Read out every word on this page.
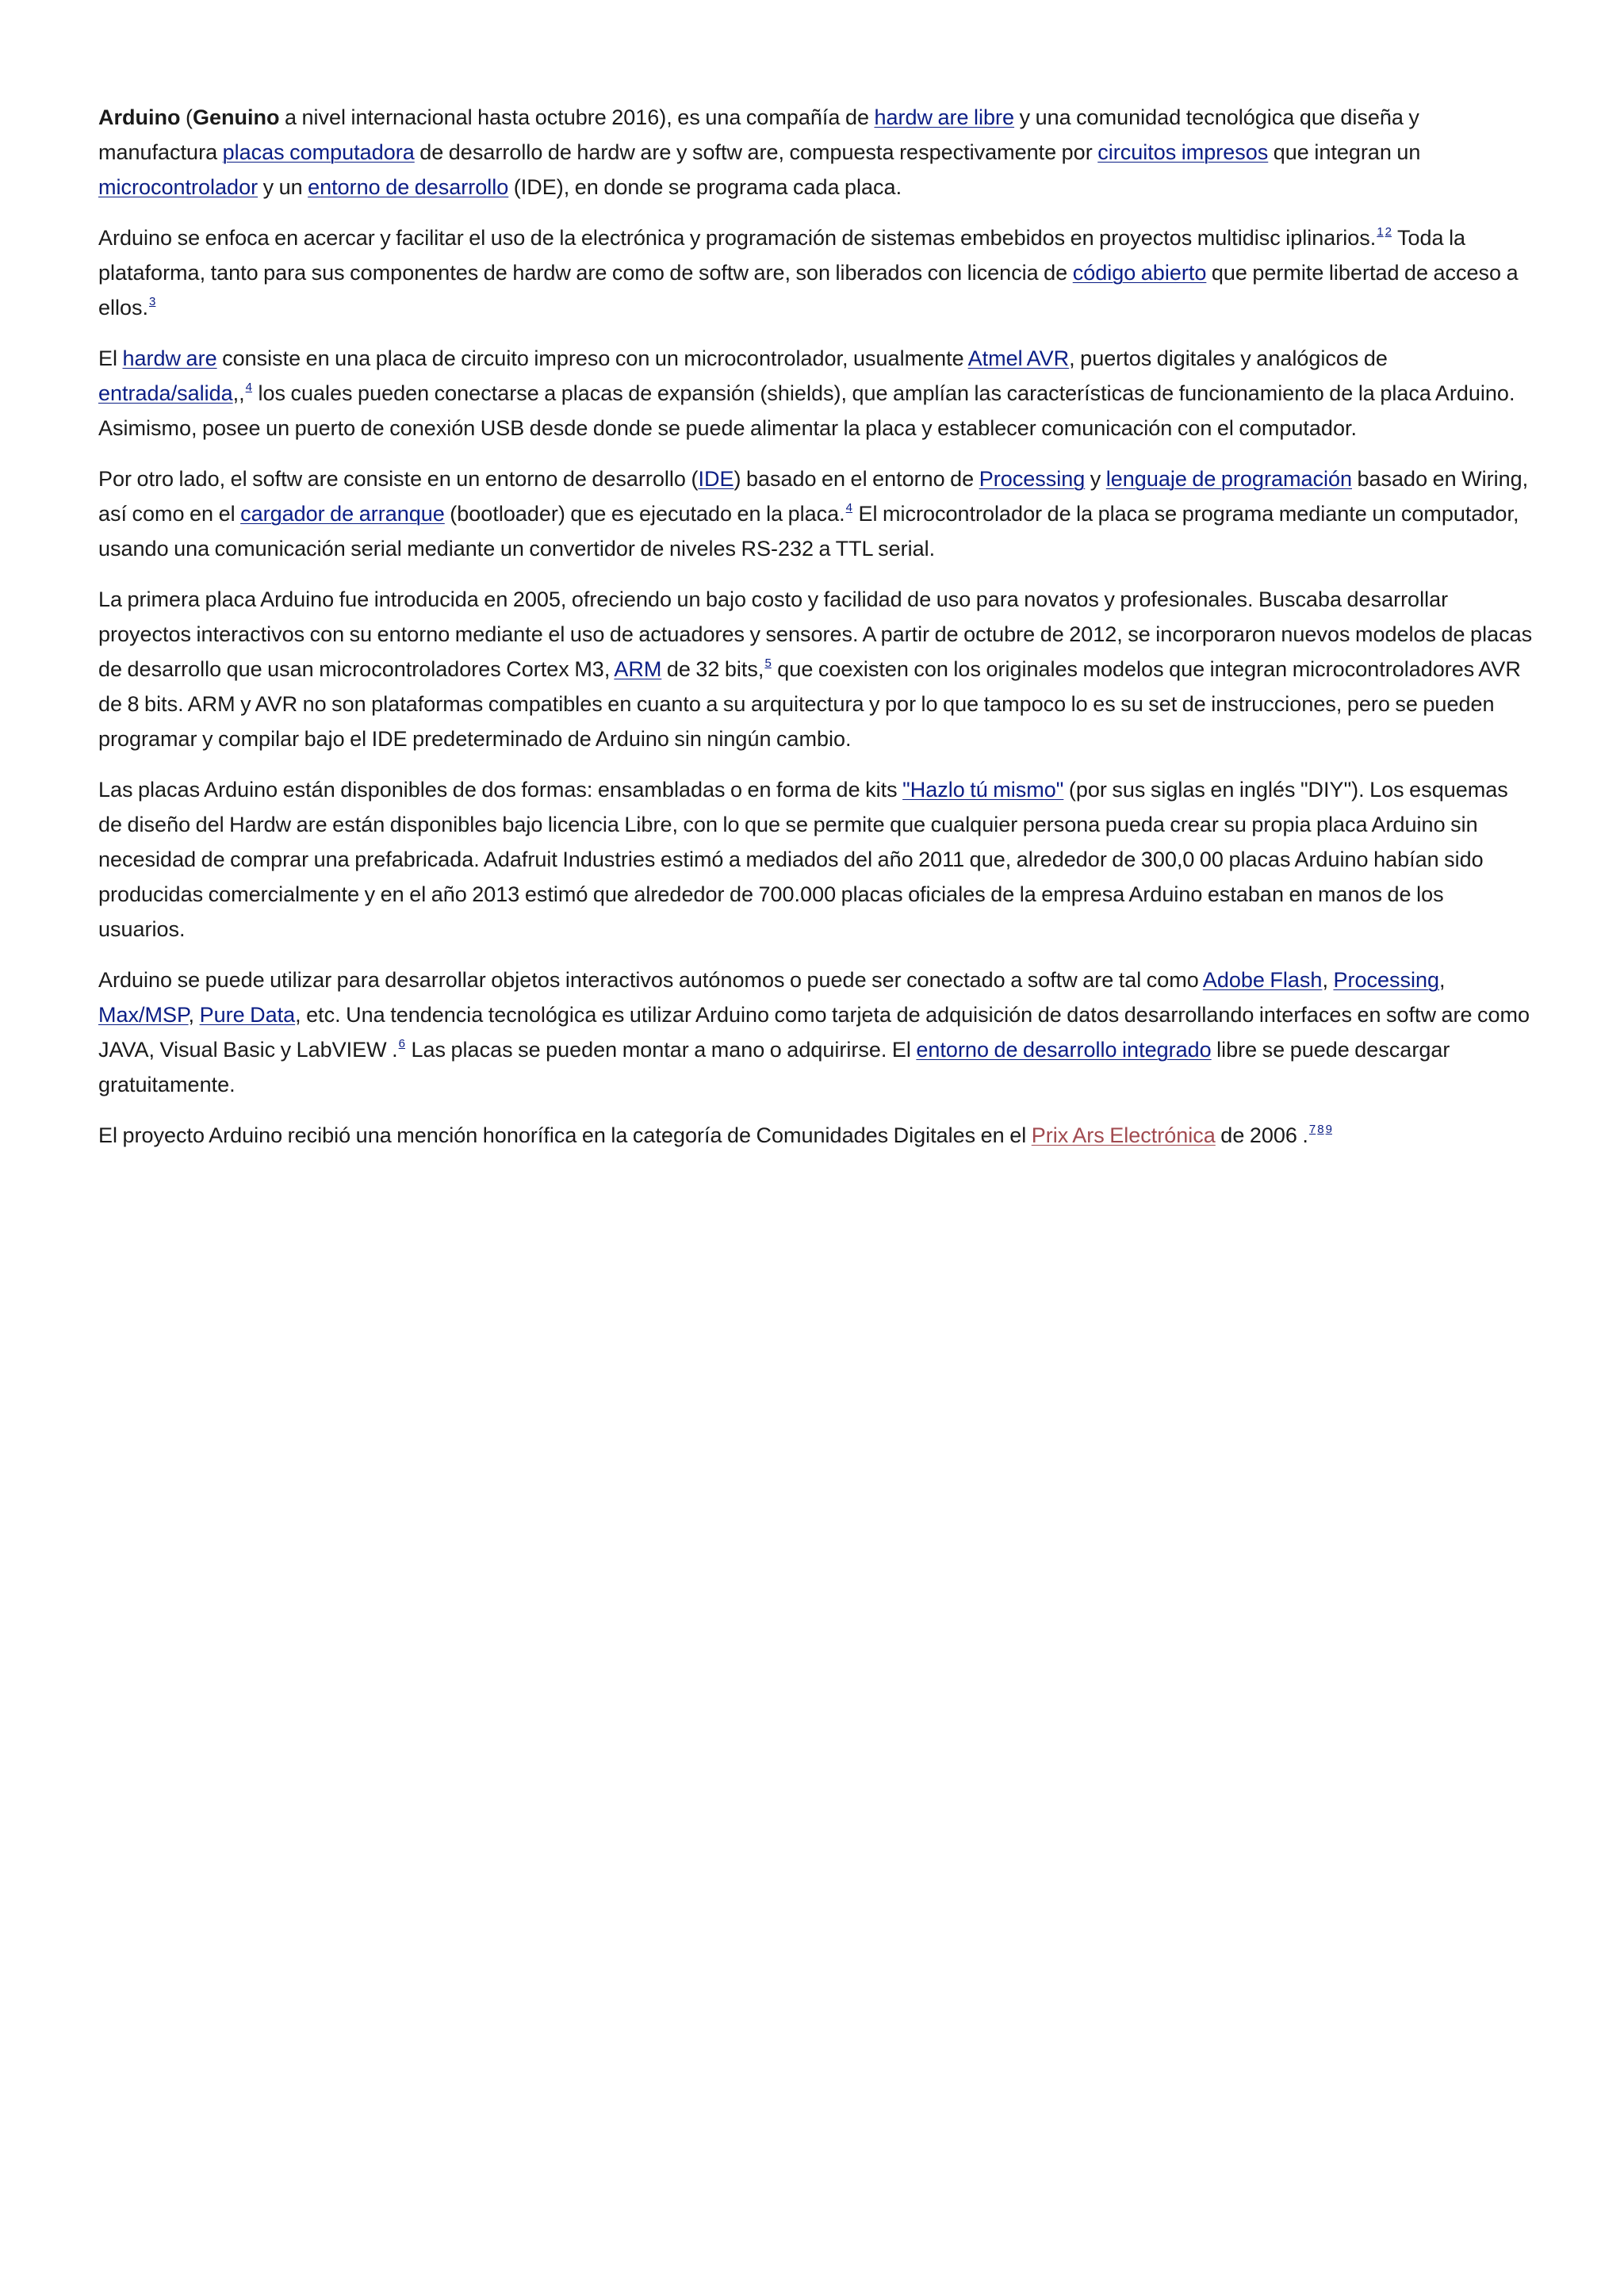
Arduino (Genuino a nivel internacional hasta octubre 2016), es una compañía de hardw are libre y una comunidad tecnológica que diseña y manufactura placas computadora de desarrollo de hardw are y softw are, compuesta respectivamente por circuitos impresos que integran un microcontrolador y un entorno de desarrollo (IDE), en donde se programa cada placa.

Arduino se enfoca en acercar y facilitar el uso de la electrónica y programación de sistemas embebidos en proyectos multidisc iplinarios.$^1$ $^2$ Toda la plataforma, tanto para sus componentes de hardw are como de softw are, son liberados con licencia de código abierto que permite libertad de acceso a ellos.$^3$

El hardw are consiste en una placa de circuito impreso con un microcontrolador, usualmente Atmel AVR, puertos digitales y analógicos de entrada/salida,,$^4$ los cuales pueden conectarse a placas de expansión (shields), que amplían las características de funcionamiento de la placa Arduino. Asimismo, posee un puerto de conexión USB desde donde se puede alimentar la placa y establecer comunicación con el computador.

Por otro lado, el softw are consiste en un entorno de desarrollo (IDE) basado en el entorno de Processing y lenguaje de programación basado en Wiring, así como en el cargador de arranque (bootloader) que es ejecutado en la placa.$^4$ El microcontrolador de la placa se programa mediante un computador, usando una comunicación serial mediante un convertidor de niveles RS-232 a TTL serial.

La primera placa Arduino fue introducida en 2005, ofreciendo un bajo costo y facilidad de uso para novatos y profesionales. Buscaba desarrollar proyectos interactivos con su entorno mediante el uso de actuadores y sensores. A partir de octubre de 2012, se incorporaron nuevos modelos de placas de desarrollo que usan microcontroladores Cortex M3, ARM de 32 bits,$^5$ que coexisten con los originales modelos que integran microcontroladores AVR de 8 bits. ARM y AVR no son plataformas compatibles en cuanto a su arquitectura y por lo que tampoco lo es su set de instrucciones, pero se pueden programar y compilar bajo el IDE predeterminado de Arduino sin ningún cambio.

Las placas Arduino están disponibles de dos formas: ensambladas o en forma de kits "Hazlo tú mismo" (por sus siglas en inglés "DIY"). Los esquemas de diseño del Hardw are están disponibles bajo licencia Libre, con lo que se permite que cualquier persona pueda crear su propia placa Arduino sin necesidad de comprar una prefabricada. Adafruit Industries estimó a mediados del año 2011 que, alrededor de 300,0 00 placas Arduino habían sido producidas comercialmente y en el año 2013 estimó que alrededor de 700.000 placas oficiales de la empresa Arduino estaban en manos de los usuarios.

Arduino se puede utilizar para desarrollar objetos interactivos autónomos o puede ser conectado a softw are tal como Adobe Flash, Processing, Max/MSP, Pure Data, etc. Una tendencia tecnológica es utilizar Arduino como tarjeta de adquisición de datos desarrollando interfaces en softw are como JAVA, Visual Basic y LabVIEW .$^6$ Las placas se pueden montar a mano o adquirirse. El entorno de desarrollo integrado libre se puede descargar gratuitamente.

El proyecto Arduino recibió una mención honorífica en la categoría de Comunidades Digitales en el Prix Ars Electrónica de 2006 .$^7$ $^8$ $^9$
